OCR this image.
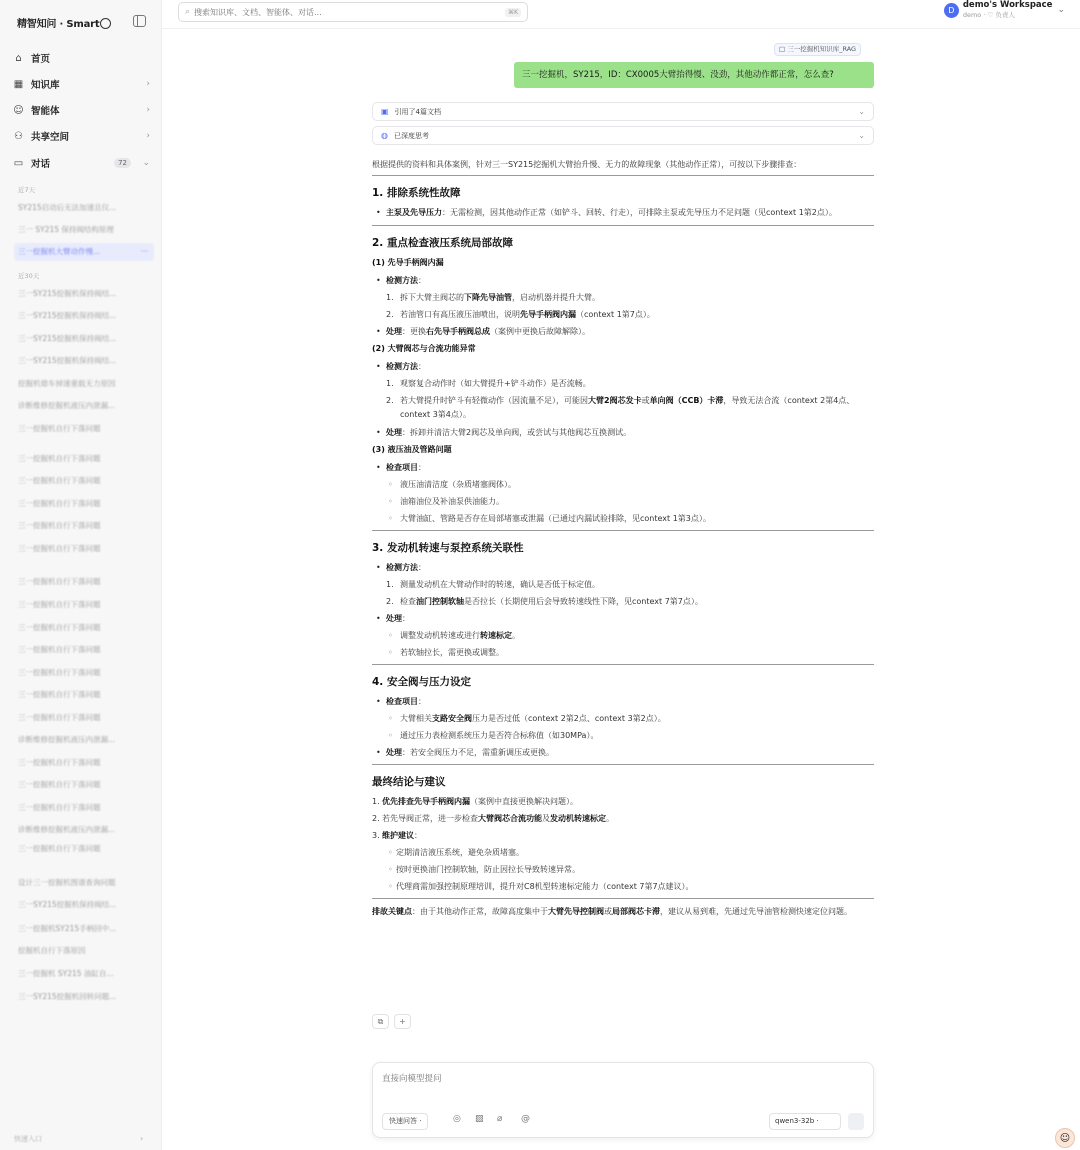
精智知问 · Smart
⌂ 首页
▦ 知识库	›
☺ 智能体	›
⚇ 共享空间	›
▭ 对话	72	⌄
近7天
SY215启动后无法加速且仪...
三一 SY215 保持阀结构原理
三一挖掘机大臂动作慢...	···
近30天
三一SY215挖掘机保持阀结...
三一SY215挖掘机保持阀结...
三一SY215挖掘机保持阀结...
三一SY215挖掘机保持阀结...
挖掘机熄车掉速重载无力原因
诊断维修挖掘机液压内泄漏...
三一挖掘机自行下落问题
三一挖掘机自行下落问题
三一挖掘机自行下落问题
三一挖掘机自行下落问题
三一挖掘机自行下落问题
三一挖掘机自行下落问题
三一挖掘机自行下落问题
三一挖掘机自行下落问题
三一挖掘机自行下落问题
三一挖掘机自行下落问题
三一挖掘机自行下落问题
三一挖掘机自行下落问题
三一挖掘机自行下落问题
诊断维修挖掘机液压内泄漏...
三一挖掘机自行下落问题
三一挖掘机自行下落问题
三一挖掘机自行下落问题
诊断维修挖掘机液压内泄漏...
三一挖掘机自行下落问题
设计三一挖掘机图谱查询问题
三一SY215挖掘机保持阀结...
三一挖掘机SY215手柄回中...
挖掘机自行下落原因
三一挖掘机 SY215 油缸自...
三一SY215挖掘机回转问题...
快速入口	›
⌕
搜索知识库、文档、智能体、对话...	⌘K	D demo's Workspace
demo · ♡ 负责人	⌄
□ 三一挖掘机知识库_RAG
三一挖掘机，SY215，ID：CX0005大臂抬得慢、没劲，其他动作都正常，怎么查?
▣ 引用了4篇文档	⌄
◍ 已深度思考	⌄
根据提供的资料和具体案例，针对三一SY215挖掘机大臂抬升慢、无力的故障现象（其他动作正常），可按以下步骤排查：
1. 排除系统性故障
• 主泵及先导压力：无需检测，因其他动作正常（如铲斗、回转、行走），可排除主泵或先导压力不足问题（见context 1第2点）。
2. 重点检查液压系统局部故障
(1) 先导手柄阀内漏
• 检测方法：
1. 拆下大臂主阀芯的下降先导油管，启动机器并提升大臂。
2. 若油管口有高压液压油喷出，说明先导手柄阀内漏（context 1第7点）。
• 处理：更换右先导手柄阀总成（案例中更换后故障解除）。
(2) 大臂阀芯与合流功能异常
• 检测方法：
1. 观察复合动作时（如大臂提升+铲斗动作）是否流畅。
2. 若大臂提升时铲斗有轻微动作（因流量不足），可能因大臂2阀芯发卡或单向阀（CCB）卡滞，导致无法合流（context 2第4点、context 3第4点）。
• 处理：拆卸并清洁大臂2阀芯及单向阀，或尝试与其他阀芯互换测试。
(3) 液压油及管路问题
• 检查项目：
◦ 液压油清洁度（杂质堵塞阀体）。
◦ 油箱油位及补油泵供油能力。
◦ 大臂油缸、管路是否存在局部堵塞或泄漏（已通过内漏试验排除，见context 1第3点）。
3. 发动机转速与泵控系统关联性
• 检测方法：
1. 测量发动机在大臂动作时的转速，确认是否低于标定值。
2. 检查油门控制软轴是否拉长（长期使用后会导致转速线性下降，见context 7第7点）。
• 处理：
◦ 调整发动机转速或进行转速标定。
◦ 若软轴拉长，需更换或调整。
4. 安全阀与压力设定
• 检查项目：
◦ 大臂相关支路安全阀压力是否过低（context 2第2点、context 3第2点）。
◦ 通过压力表检测系统压力是否符合标称值（如30MPa）。
• 处理：若安全阀压力不足，需重新调压或更换。
最终结论与建议
1. 优先排查先导手柄阀内漏（案例中直接更换解决问题）。
2. 若先导阀正常，进一步检查大臂阀芯合流功能及发动机转速标定。
3. 维护建议：
◦ 定期清洁液压系统，避免杂质堵塞。
◦ 按时更换油门控制软轴，防止因拉长导致转速异常。
◦ 代理商需加强控制原理培训，提升对C8机型转速标定能力（context 7第7点建议）。
排故关键点：由于其他动作正常，故障高度集中于大臂先导控制阀或局部阀芯卡滞，建议从易到难，先通过先导油管检测快速定位问题。
⧉	+
直接向模型提问
快速问答 ·	◎ ▨ ⌀ @	qwen3-32b ·
☺
